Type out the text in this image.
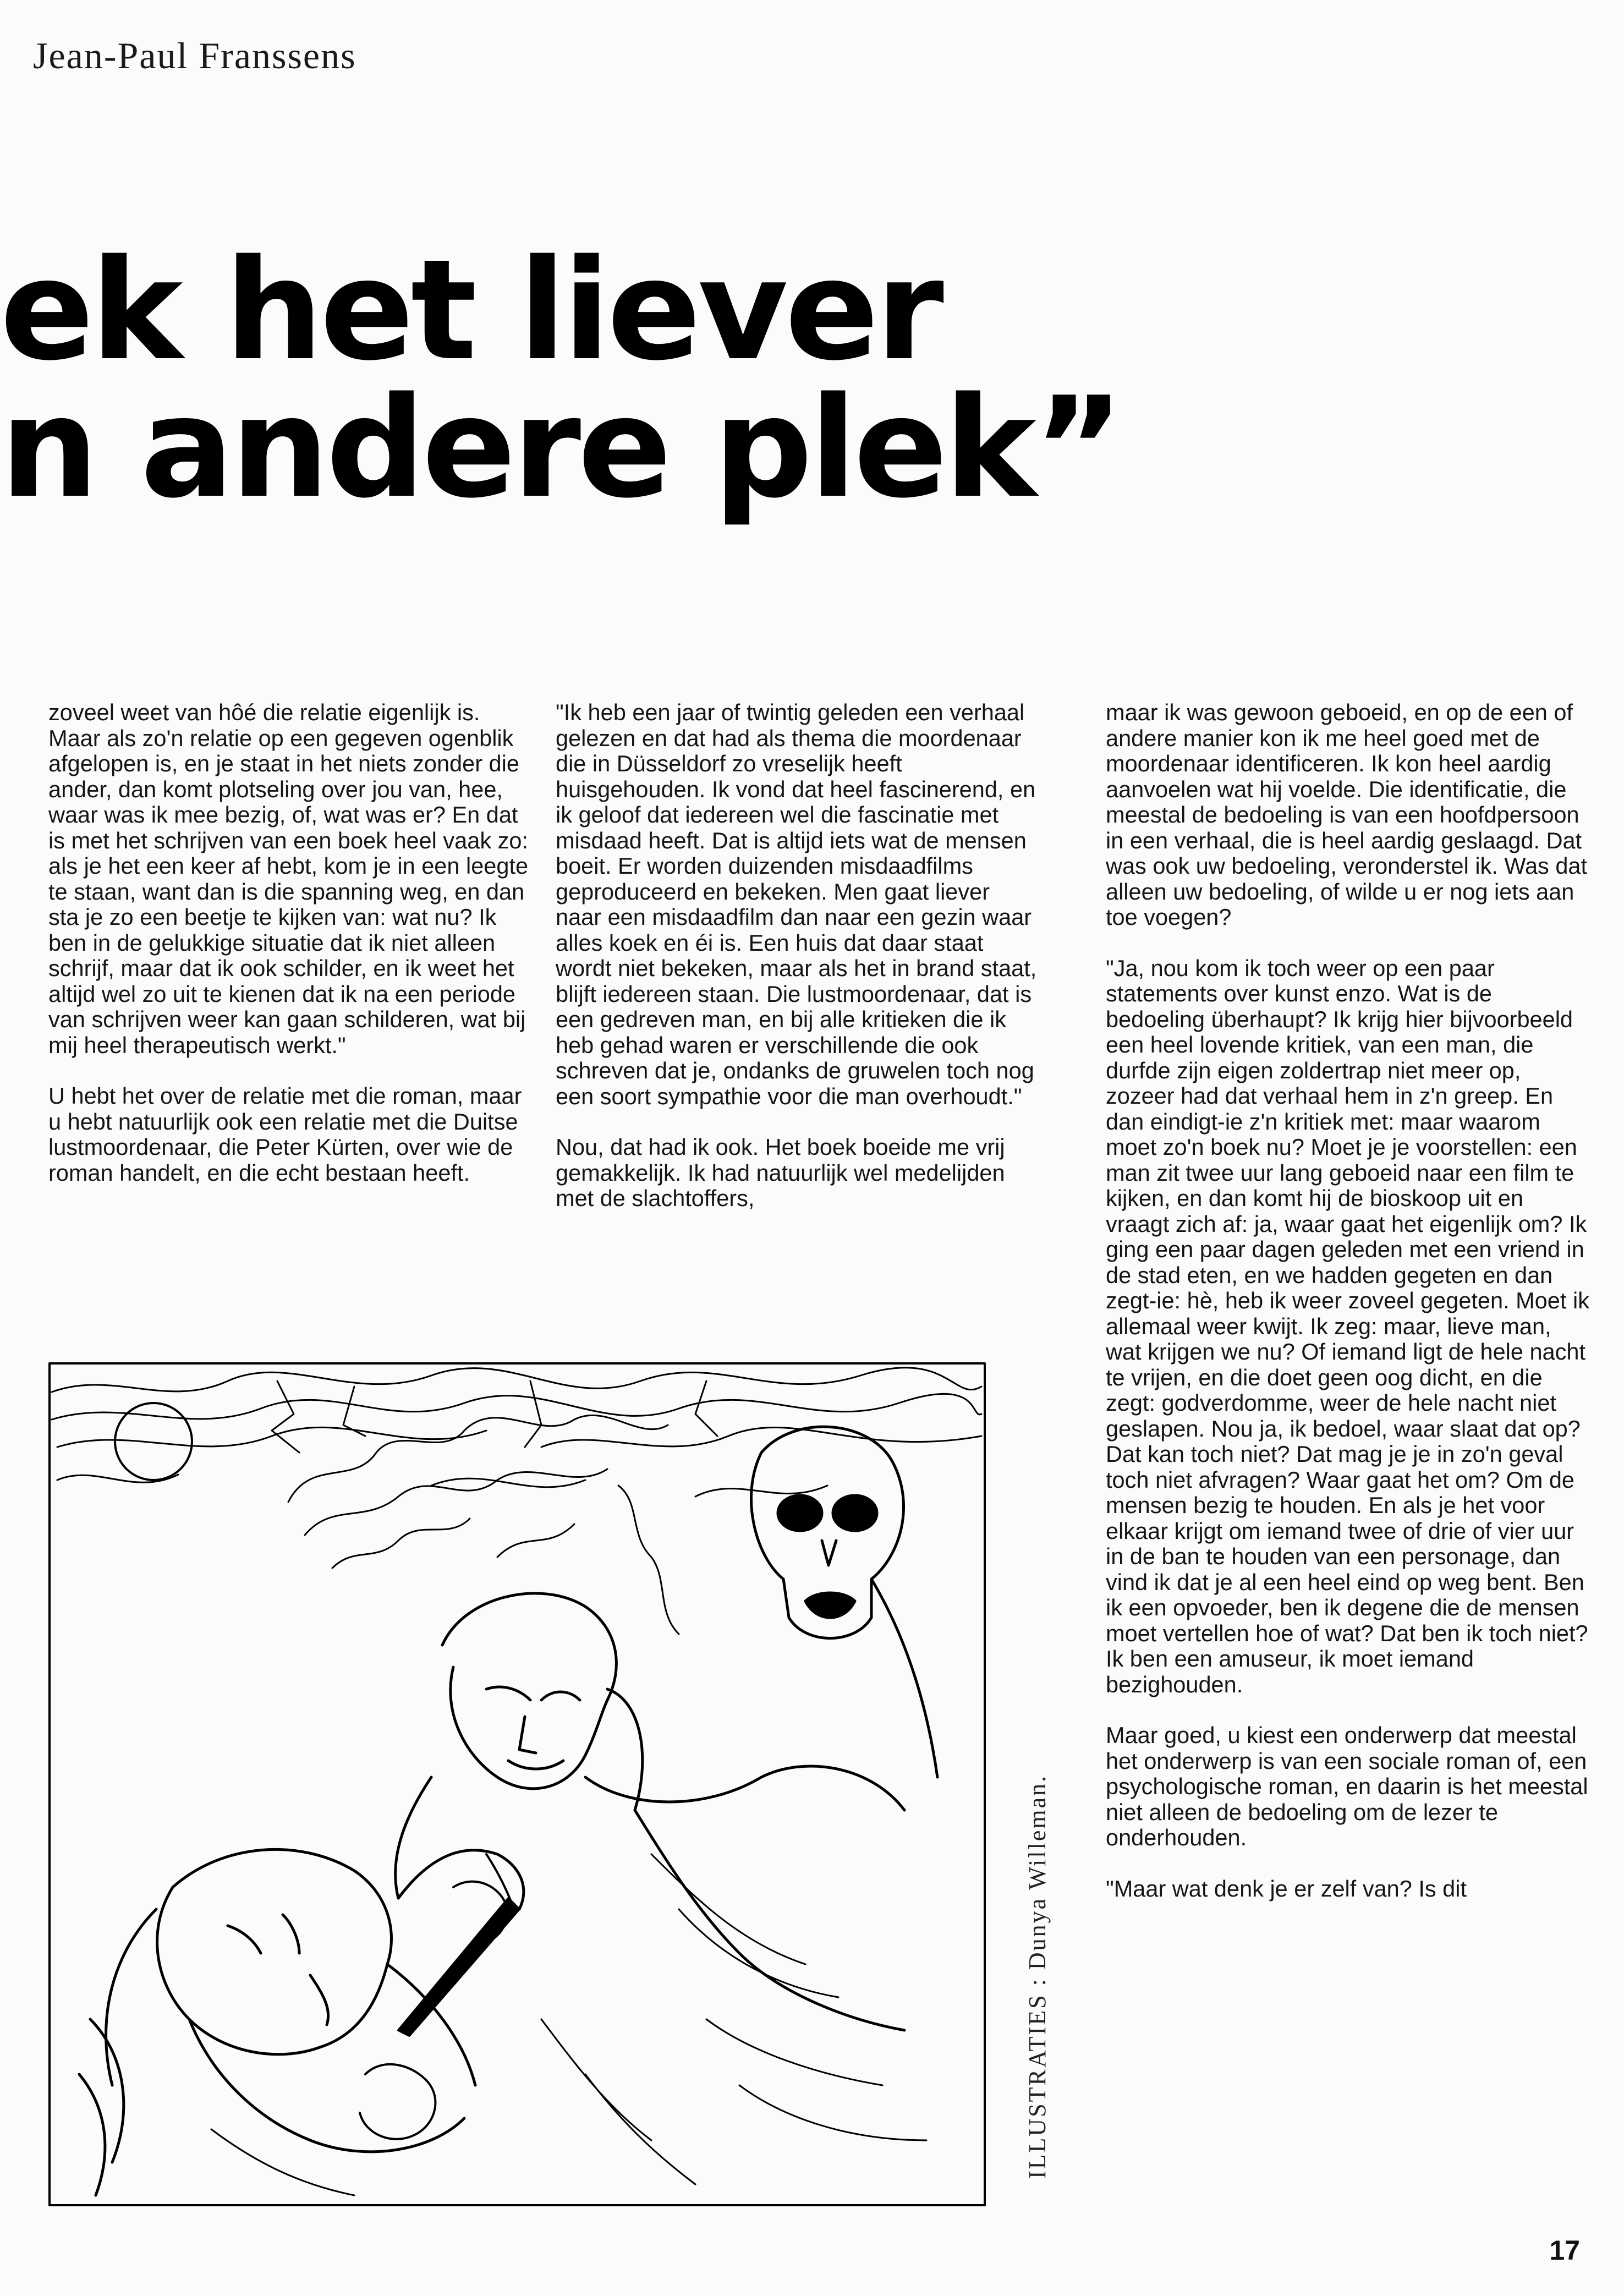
Jean-Paul Franssens
ek het liever
n andere plek”

zoveel weet van hôé die relatie eigenlijk is. Maar als zo'n relatie op een gegeven ogenblik afgelopen is, en je staat in het niets zonder die ander, dan komt plotseling over jou van, hee, waar was ik mee bezig, of, wat was er? En dat is met het schrijven van een boek heel vaak zo: als je het een keer af hebt, kom je in een leegte te staan, want dan is die spanning weg, en dan sta je zo een beetje te kijken van: wat nu? Ik ben in de gelukkige situatie dat ik niet alleen schrijf, maar dat ik ook schilder, en ik weet het altijd wel zo uit te kienen dat ik na een periode van schrijven weer kan gaan schilderen, wat bij mij heel therapeutisch werkt."

U hebt het over de relatie met die roman, maar u hebt natuurlijk ook een relatie met die Duitse lustmoordenaar, die Peter Kürten, over wie de roman handelt, en die echt bestaan heeft.

"Ik heb een jaar of twintig geleden een verhaal gelezen en dat had als thema die moordenaar die in Düsseldorf zo vreselijk heeft huisgehouden. Ik vond dat heel fascinerend, en ik geloof dat iedereen wel die fascinatie met misdaad heeft. Dat is altijd iets wat de mensen boeit. Er worden duizenden misdaadfilms geproduceerd en bekeken. Men gaat liever naar een misdaadfilm dan naar een gezin waar alles koek en éi is. Een huis dat daar staat wordt niet bekeken, maar als het in brand staat, blijft iedereen staan. Die lustmoordenaar, dat is een gedreven man, en bij alle kritieken die ik heb gehad waren er verschillende die ook schreven dat je, ondanks de gruwelen toch nog een soort sympathie voor die man overhoudt."

Nou, dat had ik ook. Het boek boeide me vrij gemakkelijk. Ik had natuurlijk wel medelijden met de slachtoffers,

maar ik was gewoon geboeid, en op de een of andere manier kon ik me heel goed met de moordenaar identificeren. Ik kon heel aardig aanvoelen wat hij voelde. Die identificatie, die meestal de bedoeling is van een hoofdpersoon in een verhaal, die is heel aardig geslaagd. Dat was ook uw bedoeling, veronderstel ik. Was dat alleen uw bedoeling, of wilde u er nog iets aan toe voegen?

"Ja, nou kom ik toch weer op een paar statements over kunst enzo. Wat is de bedoeling überhaupt? Ik krijg hier bijvoorbeeld een heel lovende kritiek, van een man, die durfde zijn eigen zoldertrap niet meer op, zozeer had dat verhaal hem in z'n greep. En dan eindigt-ie z'n kritiek met: maar waarom moet zo'n boek nu? Moet je je voorstellen: een man zit twee uur lang geboeid naar een film te kijken, en dan komt hij de bioskoop uit en vraagt zich af: ja, waar gaat het eigenlijk om? Ik ging een paar dagen geleden met een vriend in de stad eten, en we hadden gegeten en dan zegt-ie: hè, heb ik weer zoveel gegeten. Moet ik allemaal weer kwijt. Ik zeg: maar, lieve man, wat krijgen we nu? Of iemand ligt de hele nacht te vrijen, en die doet geen oog dicht, en die zegt: godverdomme, weer de hele nacht niet geslapen. Nou ja, ik bedoel, waar slaat dat op? Dat kan toch niet? Dat mag je je in zo'n geval toch niet afvragen? Waar gaat het om? Om de mensen bezig te houden. En als je het voor elkaar krijgt om iemand twee of drie of vier uur in de ban te houden van een personage, dan vind ik dat je al een heel eind op weg bent. Ben ik een opvoeder, ben ik degene die de mensen moet vertellen hoe of wat? Dat ben ik toch niet? Ik ben een amuseur, ik moet iemand bezighouden.

Maar goed, u kiest een onderwerp dat meestal het onderwerp is van een sociale roman of, een psychologische roman, en daarin is het meestal niet alleen de bedoeling om de lezer te onderhouden.

"Maar wat denk je er zelf van? Is dit

ILLUSTRATIES : Dunya Willeman.
17
